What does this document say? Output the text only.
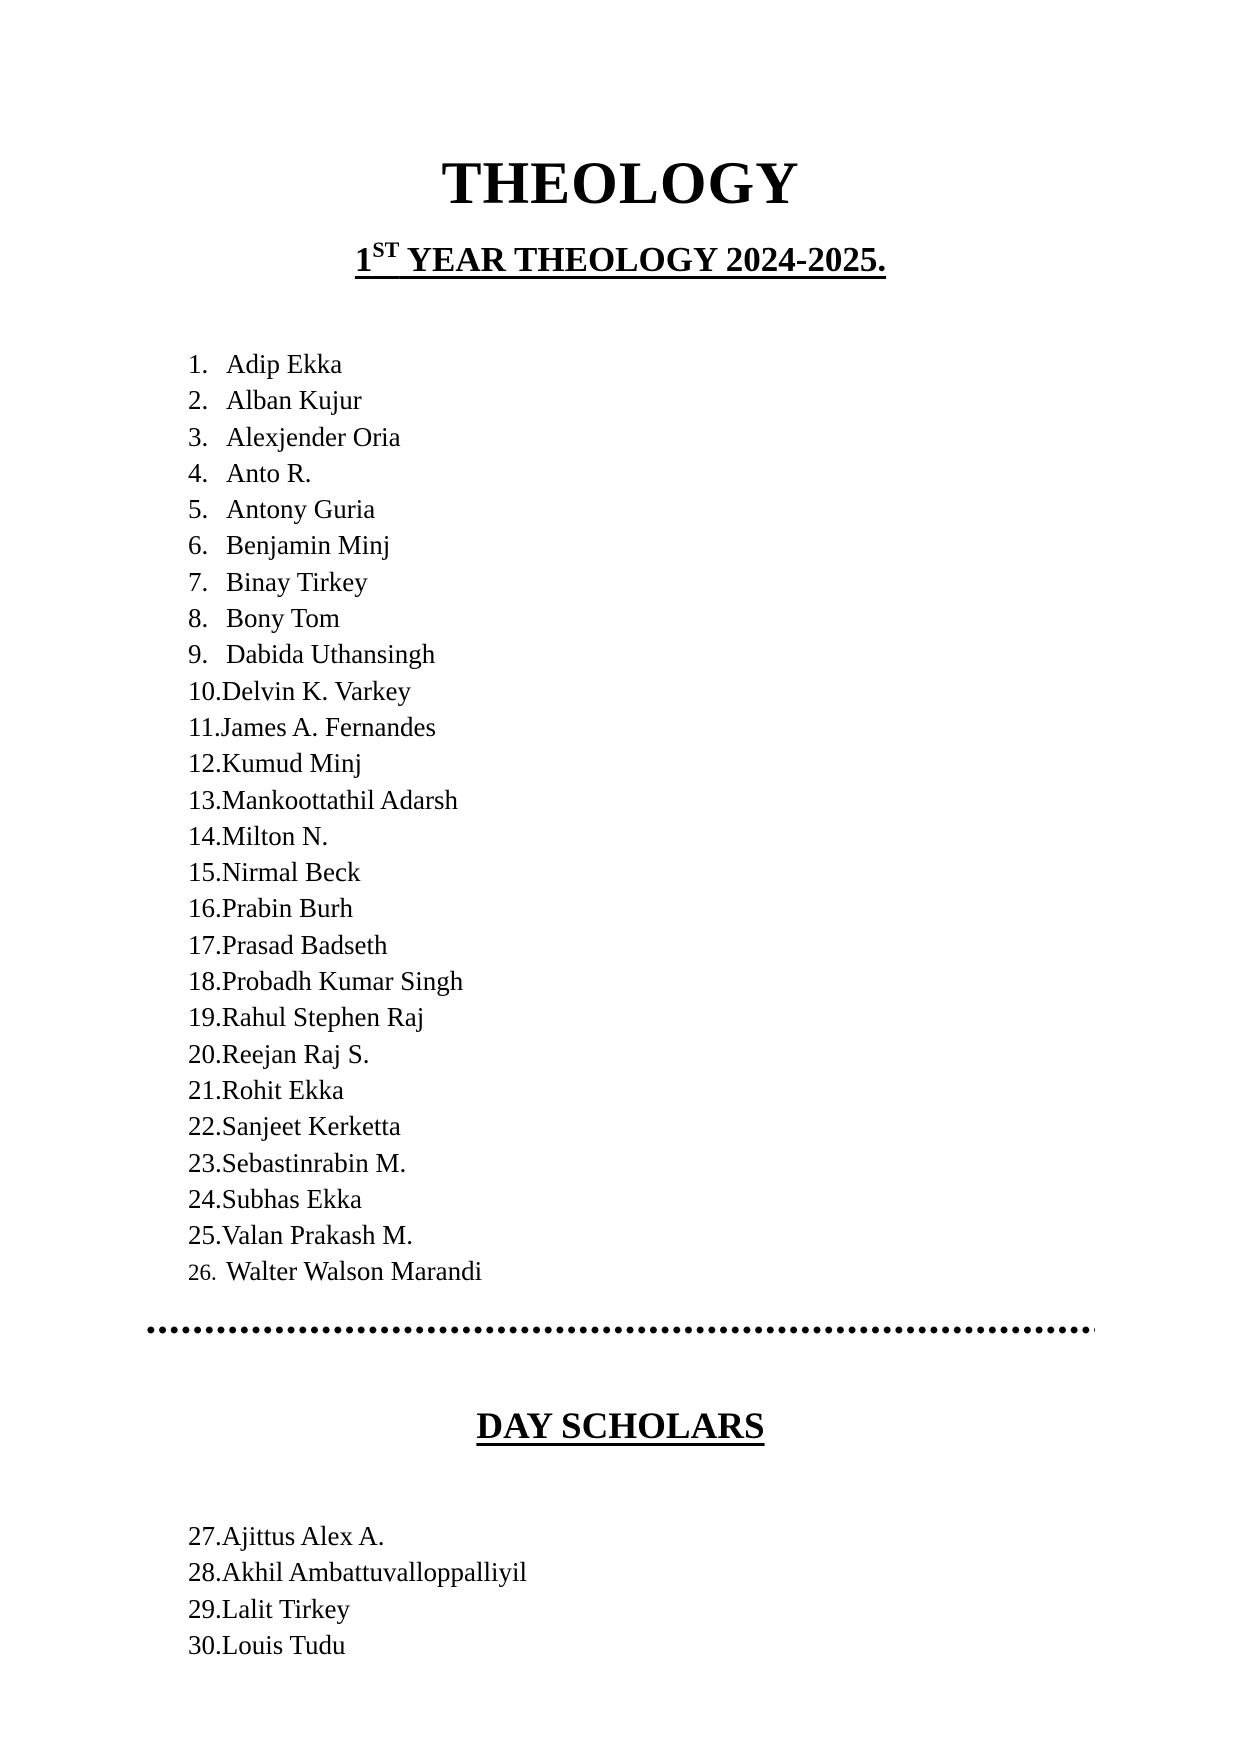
THEOLOGY
1ST YEAR THEOLOGY 2024-2025.
1. Adip Ekka
2. Alban Kujur
3. Alexjender Oria
4. Anto R.
5. Antony Guria
6. Benjamin Minj
7. Binay Tirkey
8. Bony Tom
9. Dabida Uthansingh
10.Delvin K. Varkey
11.James A. Fernandes
12.Kumud Minj
13.Mankoottathil Adarsh
14.Milton N.
15.Nirmal Beck
16.Prabin Burh
17.Prasad Badseth
18.Probadh Kumar Singh
19.Rahul Stephen Raj
20.Reejan Raj S.
21.Rohit Ekka
22.Sanjeet Kerketta
23.Sebastinrabin M.
24.Subhas Ekka
25.Valan Prakash M.
26. Walter Walson Marandi
DAY SCHOLARS
27.Ajittus Alex A.
28.Akhil Ambattuvalloppalliyil
29.Lalit Tirkey
30.Louis Tudu
